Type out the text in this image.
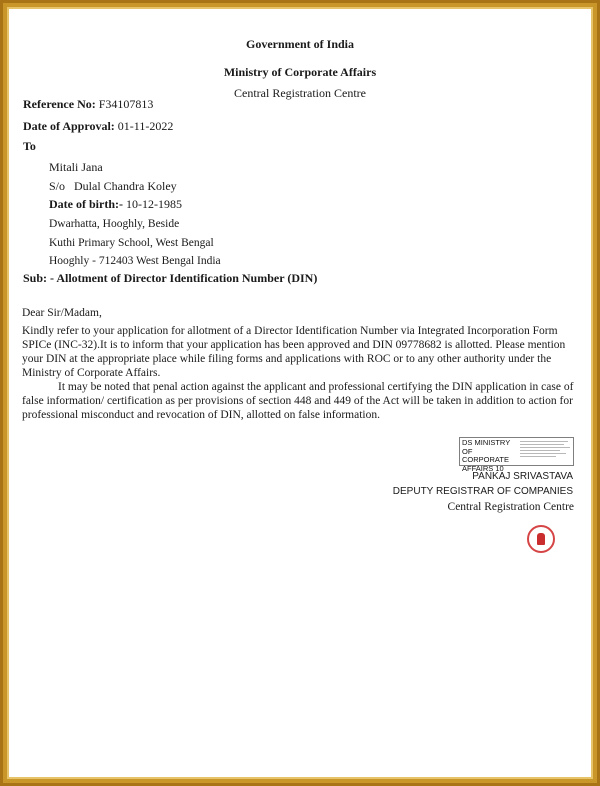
Government of India
Ministry of Corporate Affairs
Central Registration Centre
Reference No: F34107813
Date of Approval: 01-11-2022
To
Mitali Jana
S/o Dulal Chandra Koley
Date of birth:- 10-12-1985
Dwarhatta, Hooghly, Beside
Kuthi Primary School, West Bengal
Hooghly - 712403 West Bengal India
Sub: - Allotment of Director Identification Number (DIN)
Dear Sir/Madam,
Kindly refer to your application for allotment of a Director Identification Number via Integrated Incorporation Form SPICe (INC-32).It is to inform that your application has been approved and DIN 09778682 is allotted. Please mention your DIN at the appropriate place while filing forms and applications with ROC or to any other authority under the Ministry of Corporate Affairs.
It may be noted that penal action against the applicant and professional certifying the DIN application in case of false information/ certification as per provisions of section 448 and 449 of the Act will be taken in addition to action for professional misconduct and revocation of DIN, allotted on false information.
DS MINISTRY OF CORPORATE AFFAIRS 10
PANKAJ SRIVASTAVA
DEPUTY REGISTRAR OF COMPANIES
Central Registration Centre
